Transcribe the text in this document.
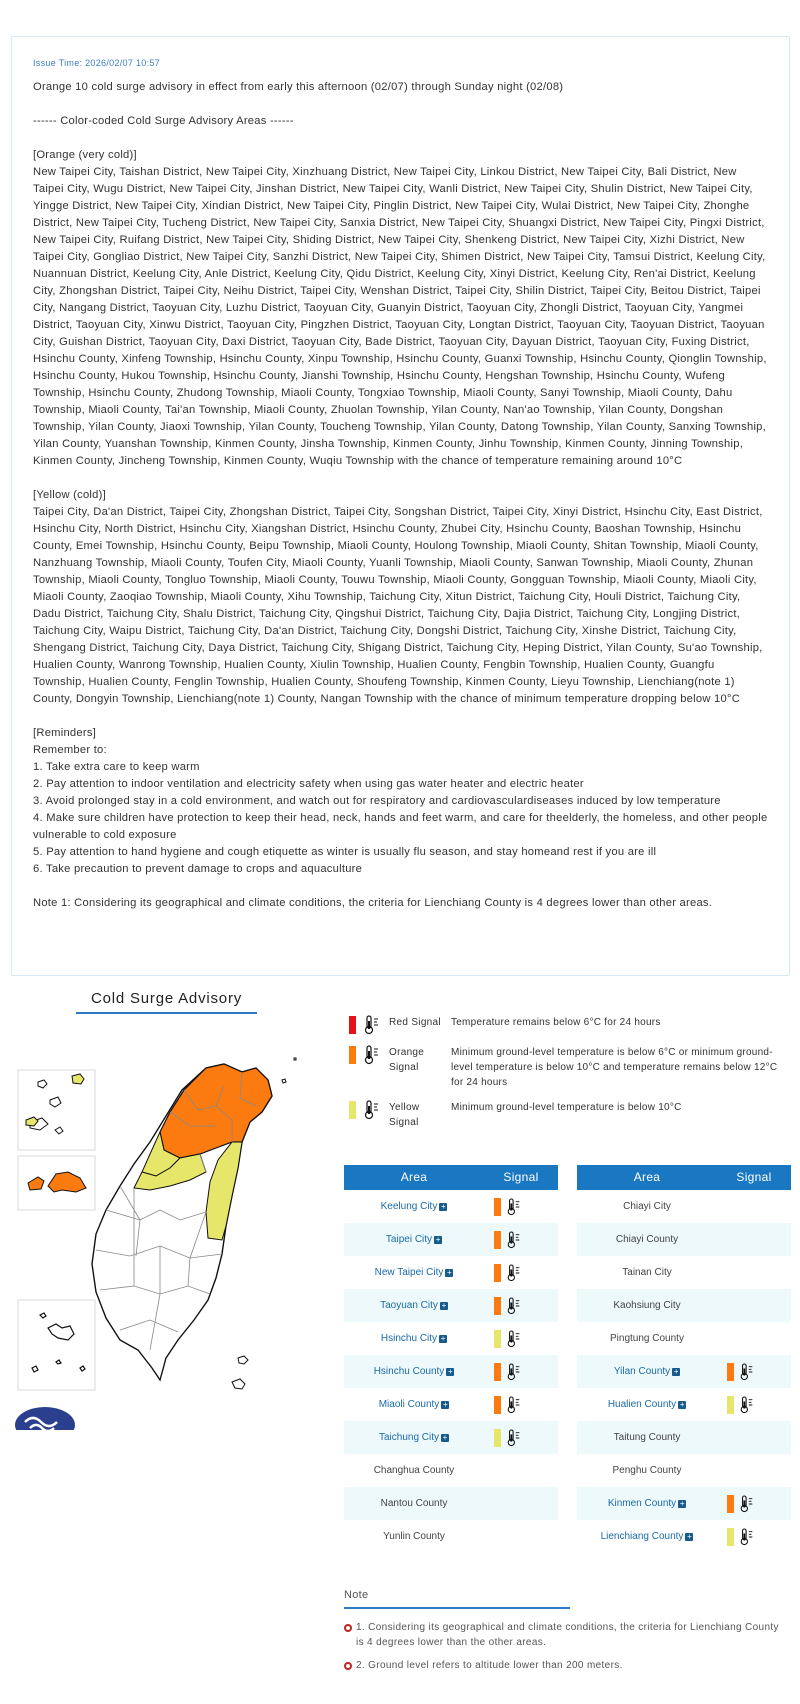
Issue Time: 2026/02/07 10:57
Orange 10 cold surge advisory in effect from early this afternoon (02/07) through Sunday night (02/08)
------ Color-coded Cold Surge Advisory Areas ------
[Orange (very cold)]
New Taipei City, Taishan District, New Taipei City, Xinzhuang District, New Taipei City, Linkou District, New Taipei City, Bali District, New Taipei City, Wugu District, New Taipei City, Jinshan District, New Taipei City, Wanli District, New Taipei City, Shulin District, New Taipei City, Yingge District, New Taipei City, Xindian District, New Taipei City, Pinglin District, New Taipei City, Wulai District, New Taipei City, Zhonghe District, New Taipei City, Tucheng District, New Taipei City, Sanxia District, New Taipei City, Shuangxi District, New Taipei City, Pingxi District, New Taipei City, Ruifang District, New Taipei City, Shiding District, New Taipei City, Shenkeng District, New Taipei City, Xizhi District, New Taipei City, Gongliao District, New Taipei City, Sanzhi District, New Taipei City, Shimen District, New Taipei City, Tamsui District, Keelung City, Nuannuan District, Keelung City, Anle District, Keelung City, Qidu District, Keelung City, Xinyi District, Keelung City, Ren'ai District, Keelung City, Zhongshan District, Taipei City, Neihu District, Taipei City, Wenshan District, Taipei City, Shilin District, Taipei City, Beitou District, Taipei City, Nangang District, Taoyuan City, Luzhu District, Taoyuan City, Guanyin District, Taoyuan City, Zhongli District, Taoyuan City, Yangmei District, Taoyuan City, Xinwu District, Taoyuan City, Pingzhen District, Taoyuan City, Longtan District, Taoyuan City, Taoyuan District, Taoyuan City, Guishan District, Taoyuan City, Daxi District, Taoyuan City, Bade District, Taoyuan City, Dayuan District, Taoyuan City, Fuxing District, Hsinchu County, Xinfeng Township, Hsinchu County, Xinpu Township, Hsinchu County, Guanxi Township, Hsinchu County, Qionglin Township, Hsinchu County, Hukou Township, Hsinchu County, Jianshi Township, Hsinchu County, Hengshan Township, Hsinchu County, Wufeng Township, Hsinchu County, Zhudong Township, Miaoli County, Tongxiao Township, Miaoli County, Sanyi Township, Miaoli County, Dahu Township, Miaoli County, Tai'an Township, Miaoli County, Zhuolan Township, Yilan County, Nan'ao Township, Yilan County, Dongshan Township, Yilan County, Jiaoxi Township, Yilan County, Toucheng Township, Yilan County, Datong Township, Yilan County, Sanxing Township, Yilan County, Yuanshan Township, Kinmen County, Jinsha Township, Kinmen County, Jinhu Township, Kinmen County, Jinning Township, Kinmen County, Jincheng Township, Kinmen County, Wuqiu Township with the chance of temperature remaining around 10°C
[Yellow (cold)]
Taipei City, Da'an District, Taipei City, Zhongshan District, Taipei City, Songshan District, Taipei City, Xinyi District, Hsinchu City, East District, Hsinchu City, North District, Hsinchu City, Xiangshan District, Hsinchu County, Zhubei City, Hsinchu County, Baoshan Township, Hsinchu County, Emei Township, Hsinchu County, Beipu Township, Miaoli County, Houlong Township, Miaoli County, Shitan Township, Miaoli County, Nanzhuang Township, Miaoli County, Toufen City, Miaoli County, Yuanli Township, Miaoli County, Sanwan Township, Miaoli County, Zhunan Township, Miaoli County, Tongluo Township, Miaoli County, Touwu Township, Miaoli County, Gongguan Township, Miaoli County, Miaoli City, Miaoli County, Zaoqiao Township, Miaoli County, Xihu Township, Taichung City, Xitun District, Taichung City, Houli District, Taichung City, Dadu District, Taichung City, Shalu District, Taichung City, Qingshui District, Taichung City, Dajia District, Taichung City, Longjing District, Taichung City, Waipu District, Taichung City, Da'an District, Taichung City, Dongshi District, Taichung City, Xinshe District, Taichung City, Shengang District, Taichung City, Daya District, Taichung City, Shigang District, Taichung City, Heping District, Yilan County, Su'ao Township, Hualien County, Wanrong Township, Hualien County, Xiulin Township, Hualien County, Fengbin Township, Hualien County, Guangfu Township, Hualien County, Fenglin Township, Hualien County, Shoufeng Township, Kinmen County, Lieyu Township, Lienchiang(note 1) County, Dongyin Township, Lienchiang(note 1) County, Nangan Township with the chance of minimum temperature dropping below 10°C
[Reminders]
Remember to:
1. Take extra care to keep warm
2. Pay attention to indoor ventilation and electricity safety when using gas water heater and electric heater
3. Avoid prolonged stay in a cold environment, and watch out for respiratory and cardiovasculardiseases induced by low temperature
4. Make sure children have protection to keep their head, neck, hands and feet warm, and care for theelderly, the homeless, and other people vulnerable to cold exposure
5. Pay attention to hand hygiene and cough etiquette as winter is usually flu season, and stay homeand rest if you are ill
6. Take precaution to prevent damage to crops and aquaculture
Note 1: Considering its geographical and climate conditions, the criteria for Lienchiang County is 4 degrees lower than other areas.
Cold Surge Advisory
Red Signal Temperature remains below 6°C for 24 hours
Orange Signal
Minimum ground-level temperature is below 6°C or minimum ground-level temperature is below 10°C and temperature remains below 12°C for 24 hours
Yellow Signal
Minimum ground-level temperature is below 10°C
Area	Signal
Keelung City +
Taipei City +
New Taipei City +
Taoyuan City +
Hsinchu City +
Hsinchu County +
Miaoli County +
Taichung City +
Changhua County
Nantou County
Yunlin County
Area	Signal
Chiayi City
Chiayi County
Tainan City
Kaohsiung City
Pingtung County
Yilan County +
Hualien County +
Taitung County
Penghu County
Kinmen County +
Lienchiang County +
Note
1. Considering its geographical and climate conditions, the criteria for Lienchiang County is 4 degrees lower than the other areas.
2. Ground level refers to altitude lower than 200 meters.
